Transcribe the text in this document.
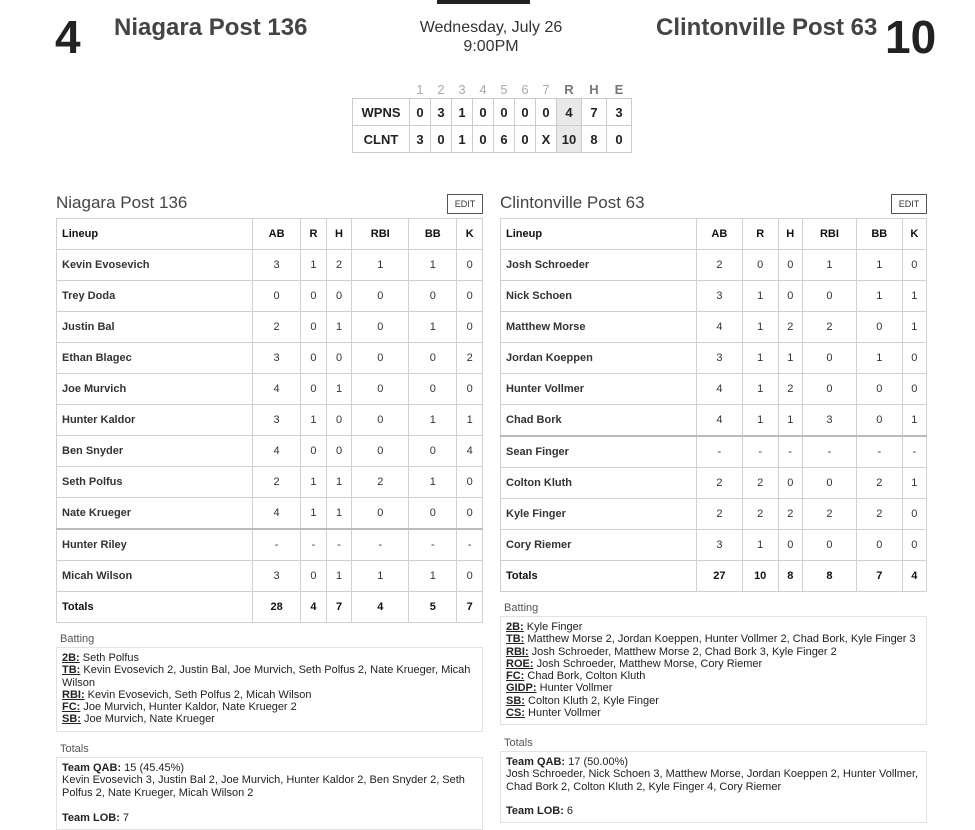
4 Niagara Post 136	Wednesday, July 26
9:00PM
Clintonville Post 63 10
	1	2	3	4	5	6	7	R	H	E
WPNS	0	3	1	0	0	0	0	4	7	3
CLNT	3	0	1	0	6	0	X	10	8	0
Niagara Post 136	EDIT
Lineup	AB	R	H	RBI	BB	K
Kevin Evosevich	3	1	2	1	1	0
Trey Doda	0	0	0	0	0	0
Justin Bal	2	0	1	0	1	0
Ethan Blagec	3	0	0	0	0	2
Joe Murvich	4	0	1	0	0	0
Hunter Kaldor	3	1	0	0	1	1
Ben Snyder	4	0	0	0	0	4
Seth Polfus	2	1	1	2	1	0
Nate Krueger	4	1	1	0	0	0
Hunter Riley	-	-	-	-	-	-
Micah Wilson	3	0	1	1	1	0
Totals	28	4	7	4	5	7
Clintonville Post 63	EDIT
Lineup	AB	R	H	RBI	BB	K
Josh Schroeder	2	0	0	1	1	0
Nick Schoen	3	1	0	0	1	1
Matthew Morse	4	1	2	2	0	1
Jordan Koeppen	3	1	1	0	1	0
Hunter Vollmer	4	1	2	0	0	0
Chad Bork	4	1	1	3	0	1
Sean Finger	-	-	-	-	-	-
Colton Kluth	2	2	0	0	2	1
Kyle Finger	2	2	2	2	2	0
Cory Riemer	3	1	0	0	0	0
Totals	27	10	8	8	7	4
Batting
2B: Seth Polfus
TB: Kevin Evosevich 2, Justin Bal, Joe Murvich, Seth Polfus 2, Nate Krueger, Micah Wilson
RBI: Kevin Evosevich, Seth Polfus 2, Micah Wilson
FC: Joe Murvich, Hunter Kaldor, Nate Krueger 2
SB: Joe Murvich, Nate Krueger
Totals
Team QAB: 15 (45.45%)
Kevin Evosevich 3, Justin Bal 2, Joe Murvich, Hunter Kaldor 2, Ben Snyder 2, Seth Polfus 2, Nate Krueger, Micah Wilson 2
Team LOB: 7
Batting
2B: Kyle Finger
TB: Matthew Morse 2, Jordan Koeppen, Hunter Vollmer 2, Chad Bork, Kyle Finger 3
RBI: Josh Schroeder, Matthew Morse 2, Chad Bork 3, Kyle Finger 2
ROE: Josh Schroeder, Matthew Morse, Cory Riemer
FC: Chad Bork, Colton Kluth
GIDP: Hunter Vollmer
SB: Colton Kluth 2, Kyle Finger
CS: Hunter Vollmer
Totals
Team QAB: 17 (50.00%)
Josh Schroeder, Nick Schoen 3, Matthew Morse, Jordan Koeppen 2, Hunter Vollmer, Chad Bork 2, Colton Kluth 2, Kyle Finger 4, Cory Riemer
Team LOB: 6
